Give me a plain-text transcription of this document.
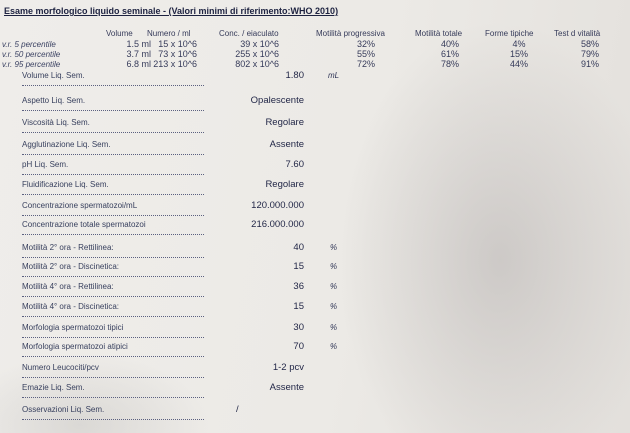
Esame morfologico liquido seminale - (Valori minimi di riferimento:WHO 2010)
Volume Numero / ml	Conc. / eiaculato	Motilità progressiva	Motilità totale	Forme tipiche	Test d vitalità
v.r. 5 percentile	1.5 ml 15 x 10^6	39 x 10^6	32%	40%	4%	58%
v.r. 50 percentile	3.7 ml 73 x 10^6	255 x 10^6	55%	61%	15%	79%
v.r. 95 percentile	6.8 ml 213 x 10^6	802 x 10^6	72%	78%	44%	91%
Volume Liq. Sem.	1.80	mL
Aspetto Liq. Sem.	Opalescente
Viscosità Liq. Sem.	Regolare
Agglutinazione Liq. Sem.	Assente
pH Liq. Sem.	7.60
Fluidificazione Liq. Sem.	Regolare
Concentrazione spermatozoi/mL	120.000.000
Concentrazione totale spermatozoi	216.000.000
Motilità 2° ora - Rettilinea:	40	%
Motilità 2° ora - Discinetica:	15	%
Motilità 4° ora - Rettilinea:	36	%
Motilità 4° ora - Discinetica:	15	%
Morfologia spermatozoi tipici	30	%
Morfologia spermatozoi atipici	70	%
Numero Leucociti/pcv	1-2 pcv
Emazie Liq. Sem.	Assente
Osservazioni Liq. Sem.	/
